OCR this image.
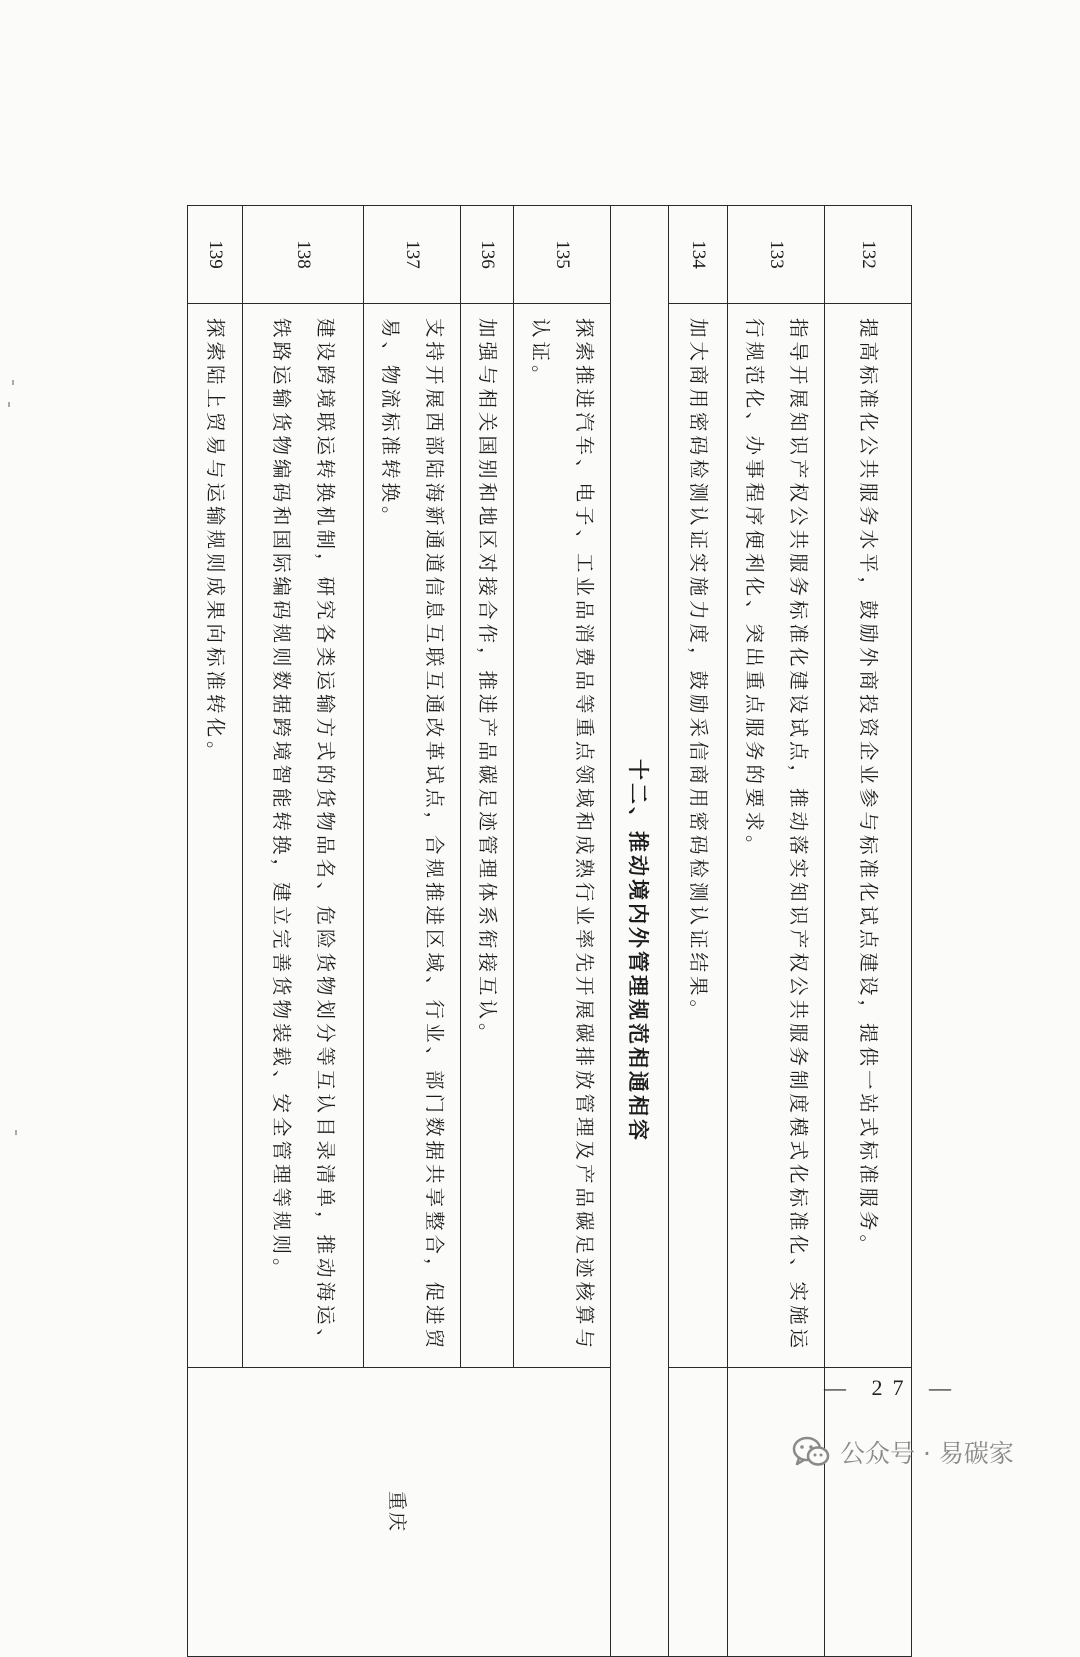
132	提高标准化公共服务水平，鼓励外商投资企业参与标准化试点建设，提供一站式标准服务。	
133	指导开展知识产权公共服务标准化建设试点，推动落实知识产权公共服务制度模式化标准化、实施运行规范化、办事程序便利化、突出重点服务的要求。	
134	加大商用密码检测认证实施力度，鼓励采信商用密码检测认证结果。	
十二、推动境内外管理规范相通相容		
135	探索推进汽车、电子、工业品消费品等重点领域和成熟行业率先开展碳排放管理及产品碳足迹核算与认证。	重庆
136	加强与相关国别和地区对接合作，推进产品碳足迹管理体系衔接互认。	
137	支持开展西部陆海新通道信息互联互通改革试点，合规推进区域、行业、部门数据共享整合，促进贸易、物流标准转换。	
138	建设跨境联运转换机制，研究各类运输方式的货物品名、危险货物划分等互认目录清单，推动海运、铁路运输货物编码和国际编码规则数据跨境智能转换，建立完善货物装载、安全管理等规则。	
139	探索陆上贸易与运输规则成果向标准转化。	
— 27 —
公众号 · 易碳家
